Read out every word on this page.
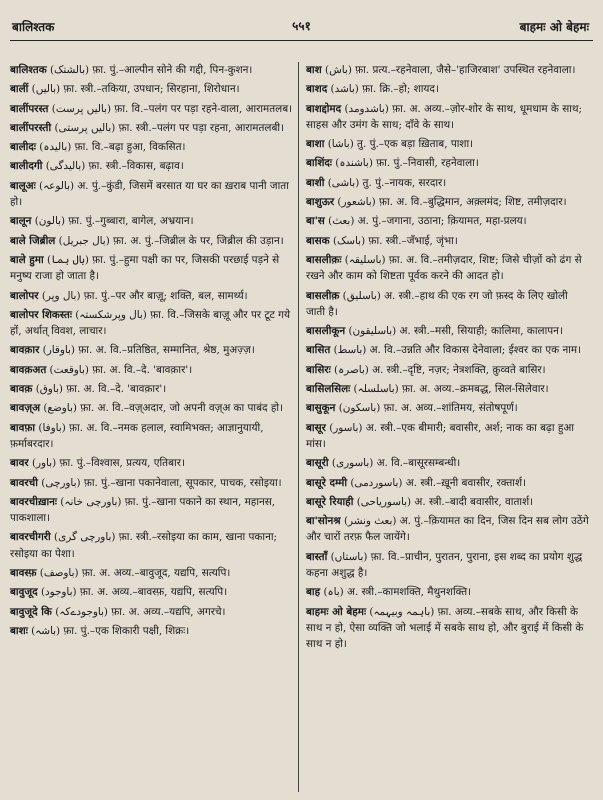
बालिश्तक	५५१	बाहमः ओ बेहमः
बालिश्तक (بالشتک) फ़ा. पुं.–आल्पीन सोने की गद्दी, पिन-कुशन।
बालीं (بالیں) फ़ा. स्त्री.–तकिया, उपधान; सिरहाना, शिरोधान।
बालींपरस्त (بالیں پرست) फ़ा. वि.–पलंग पर पड़ा रहने-वाला, आरामतलब।
बालींपरस्ती (بالیں پرستی) फ़ा. स्त्री.–पलंग पर पड़ा रहना, आरामतलबी।
बालीदः (بالیدہ) फ़ा. वि.–बढ़ा हुआ, विकसित।
बालीदगी (بالیدگی) फ़ा. स्त्री.–विकास, बढ़ाव।
बालूअः (بالوعہ) अ. पुं.–कुंडी, जिसमें बरसात या घर का ख़राब पानी जाता हो।
बालून (بالون) फ़ा. पुं.–गुब्बारा, बागेल, अभ्रयान।
बाले जिब्रील (بال جبریل) फ़ा. अ. पुं.–जिब्रील के पर, जिब्रील की उड़ान।
बाले हुमा (بال ہما) फ़ा. पुं.–हुमा पक्षी का पर, जिसकी परछाई पड़ने से मनुष्य राजा हो जाता है।
बालोपर (بال وپر) फ़ा. पुं.–पर और बाज़ू; शक्ति, बल, सामर्थ्य।
बालोपर शिकस्तः (بال وپرشکستہ) फ़ा. वि.–जिसके बाज़ू और पर टूट गये हों, अर्थात् विवश, लाचार।
बावक़ार (باوقار) फ़ा. अ. वि.–प्रतिष्ठित, सम्मानित, श्रेष्ठ, मुअज़्ज़।
बावक़अत (باوقعت) फ़ा. अ. वि.–दे. 'बावक़ार'।
बावक़ (باوق) फ़ा. अ. वि.–दे. 'बावक़ार'।
बावज़्अ (باوضع) फ़ा. अ. वि.–वज़्अदार, जो अपनी वज़्अ का पाबंद हो।
बावफ़ा (باوفا) फ़ा. अ. वि.–नमक हलाल, स्वामिभक्त; आज्ञानुयायी, फ़र्माबरदार।
बावर (باور) फ़ा. पुं.–विश्वास, प्रत्यय, एतिबार।
बावरची (باورچی) फ़ा. पुं.–खाना पकानेवाला, सूपकार, पाचक, रसोइया।
बावरचीख़ानः (باورچی خانہ) फ़ा. पुं.–खाना पकाने का स्थान, महानस, पाकशाला।
बावरचीगरी (باورچی گری) फ़ा. स्त्री.–रसोइया का काम, खाना पकाना; रसोइया का पेशा।
बावस्फ़ (باوصف) फ़ा. अ. अव्य.–बावुजूद, यद्यपि, सत्यपि।
बावुजूद (باوجود) फ़ा. अ. अव्य.–बावस्फ़, यद्यपि, सत्यपि।
बावुजूदे कि (باوجودےکہ) फ़ा. अ. अव्य.–यद्यपि, अगरचे।
बाशः (باشہ) फ़ा. पुं.–एक शिकारी पक्षी, शिक्रः।
बाश (باش) फ़ा. प्रत्य.–रहनेवाला, जैसे–'हाजिरबाश' उपस्थित रहनेवाला।
बाशद (باشد) फ़ा. क्रि.–हो; शायद।
बाशद्दोमद (باشدومد) फ़ा. अ. अव्य.–ज़ोर-शोर के साथ, धूमधाम के साथ; साहस और उमंग के साथ; दाँवे के साथ।
बाशा (باشا) तु. पुं.–एक बड़ा ख़िताब, पाशा।
बाशिंदः (باشندہ) फ़ा. पुं.–निवासी, रहनेवाला।
बाशी (باشی) तु. पुं.–नायक, सरदार।
बाशुऊर (باشعور) फ़ा. अ. वि.–बुद्धिमान, अक़्लमंद; शिष्ट, तमीज़दार।
बा'स (بعث) अ. पुं.–जगाना, उठाना; क़ियामत, महा-प्रलय।
बासक (باسک) फ़ा. स्त्री.–जँभाई, जृंभा।
बासलीक़ः (باسلیقہ) फ़ा. अ. वि.–तमीज़दार, शिष्ट; जिसे चीज़ों को ढंग से रखने और काम को शिष्टता पूर्वक करने की आदत हो।
बासलीक़ (باسلیق) अ. स्त्री.–हाथ की एक रग जो फ़स्द के लिए खोली जाती है।
बासलीकून (باسلیقون) अ. स्त्री.–मसी, सियाही; कालिमा, कालापन।
बासित (باسط) अ. वि.–उन्नति और विकास देनेवाला; ईश्वर का एक नाम।
बासिरः (باصرہ) अ. स्त्री.–दृष्टि, नज़र; नेत्रशक्ति, क़ुव्वते बासिर।
बासिलसिलः (باسلسلہ) फ़ा. अ. अव्य.–क्रमबद्ध, सिल-सिलेवार।
बासुकून (باسکون) फ़ा. अ. अव्य.–शांतिमय, संतोषपूर्ण।
बासूर (باسور) अ. स्त्री.–एक बीमारी; बवासीर, अर्श; नाक का बढ़ा हुआ मांस।
बासूरी (باسوری) अ. वि.–बासूरसम्बन्धी।
बासूरे दम्मी (باسوردمی) अ. स्त्री.–ख़ूनी बवासीर, रक्तार्श।
बासूरे रियाही (باسوریاحی) अ. स्त्री.–बादी बवासीर, वातार्श।
बा'सोनश्र (بعث ونشر) अ. पुं.–क़ियामत का दिन, जिस दिन सब लोग उठेंगे और चारों तरफ़ फैल जायेंगे।
बास्ताँ (باستاں) फ़ा. वि.–प्राचीन, पुरातन, पुराना, इस शब्द का प्रयोग शुद्ध कहना अशुद्ध है।
बाह (باہ) अ. स्त्री.–कामशक्ति, मैथुनशक्ति।
बाहमः ओ बेहमः (باہمہ وبیہمہ) फ़ा. अव्य.–सबके साथ, और किसी के साथ न हो, ऐसा व्यक्ति जो भलाई में सबके साथ हो, और बुराई में किसी के साथ न हो।
